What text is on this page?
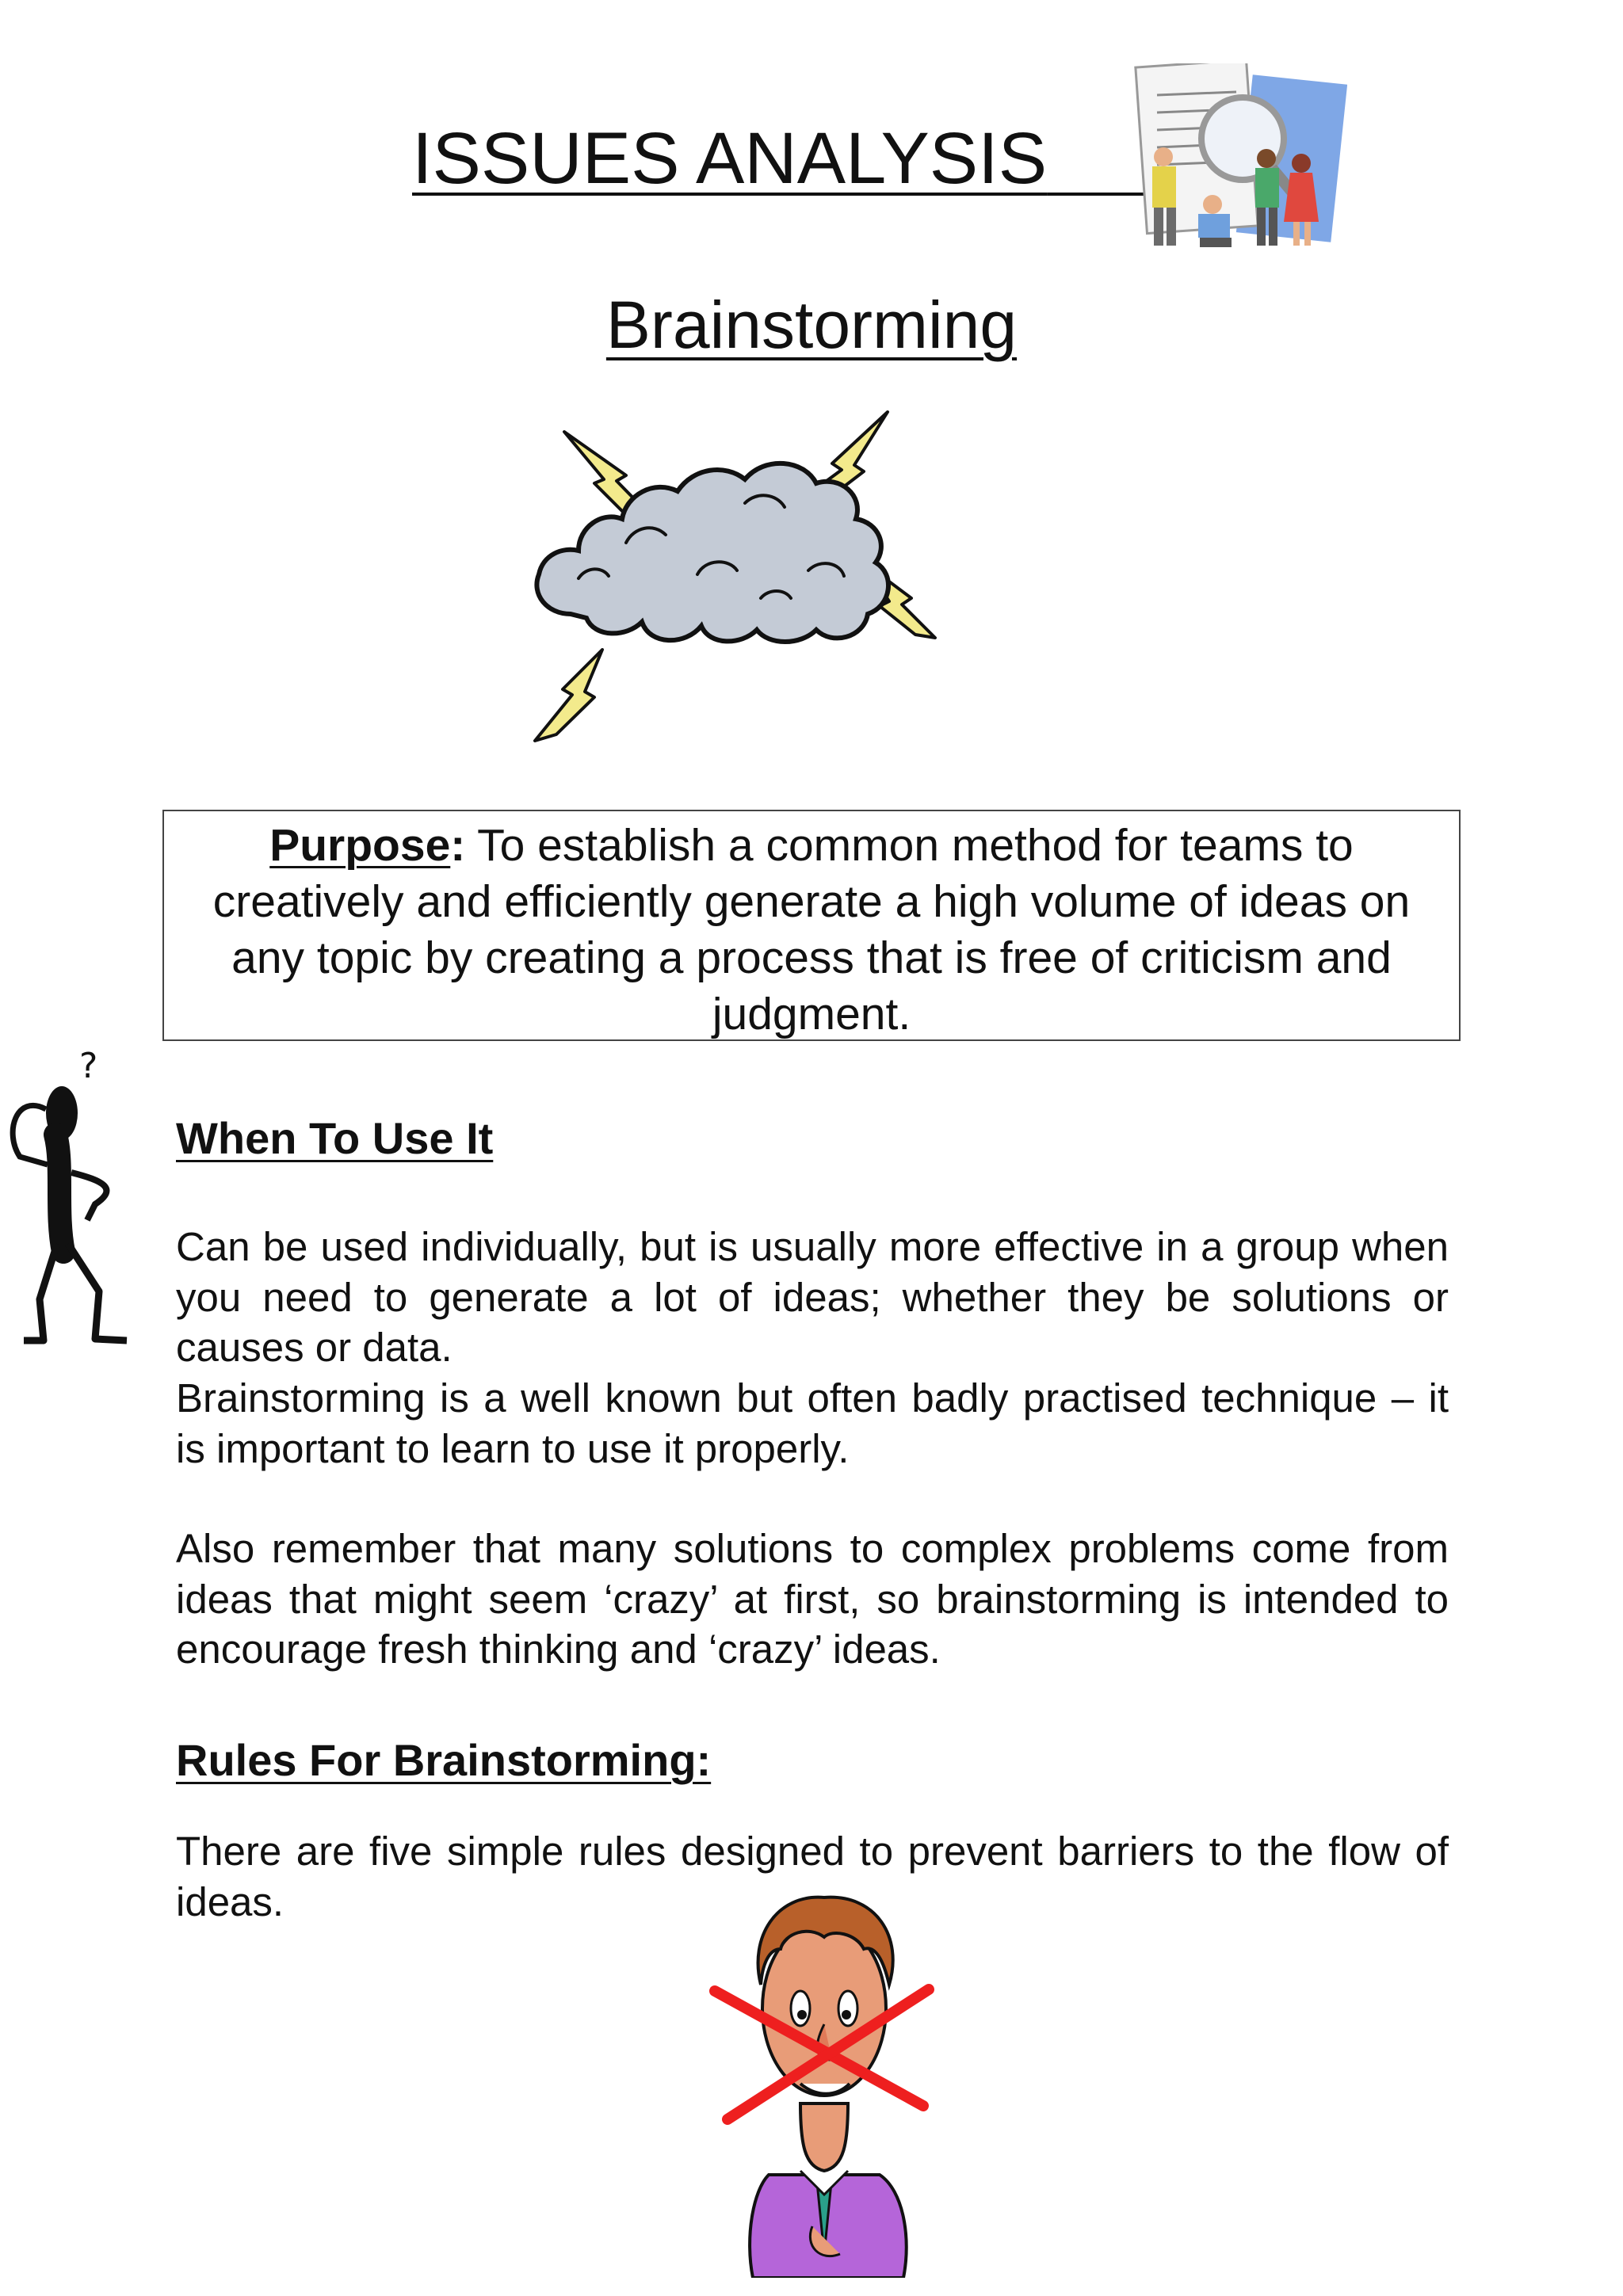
ISSUES ANALYSIS
Brainstorming
Purpose: To establish a common method for teams to creatively and efficiently generate a high volume of ideas on any topic by creating a process that is free of criticism and judgment.
?
When To Use It
Can be used individually, but is usually more effective in a group when you need to generate a lot of ideas; whether they be solutions or causes or data.
Brainstorming is a well known but often badly practised technique – it is important to learn to use it properly.
Also remember that many solutions to complex problems come from ideas that might seem ‘crazy’ at first, so brainstorming is intended to encourage fresh thinking and ‘crazy’ ideas.
Rules For Brainstorming:
There are five simple rules designed to prevent barriers to the flow of ideas.
